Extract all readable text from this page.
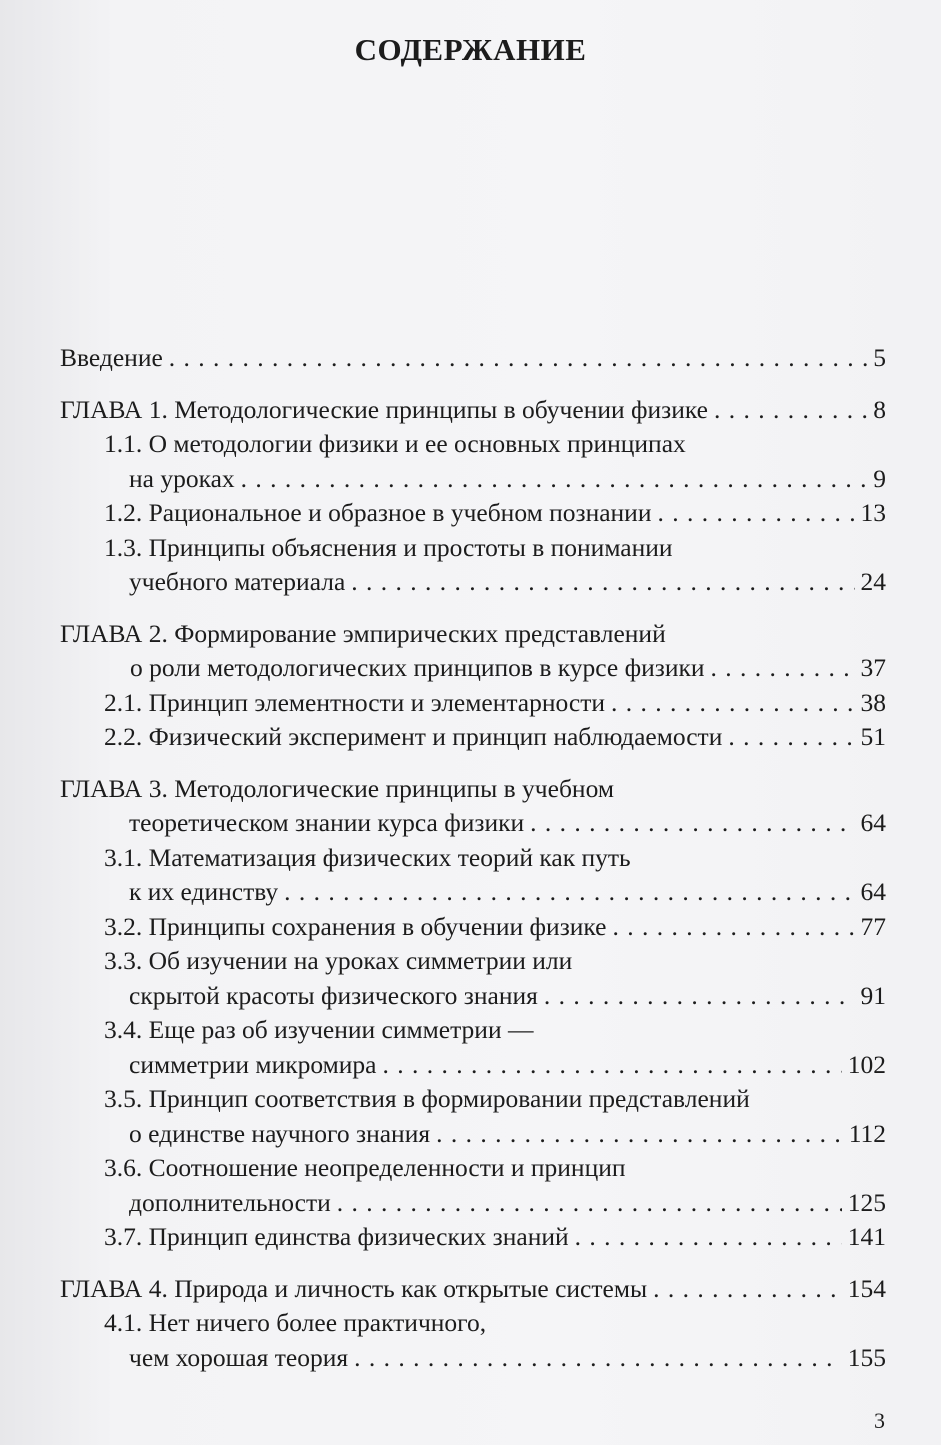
СОДЕРЖАНИЕ
Введение . . .	5
ГЛАВА 1. Методологические принципы в обучении физике . . .	8
1.1. О методологии физики и ее основных принципах
на уроках . . .	9
1.2. Рациональное и образное в учебном познании . . .	13
1.3. Принципы объяснения и простоты в понимании
учебного материала . . .	24
ГЛАВА 2. Формирование эмпирических представлений
о роли методологических принципов в курсе физики . . .	37
2.1. Принцип элементности и элементарности . . .	38
2.2. Физический эксперимент и принцип наблюдаемости . . .	51
ГЛАВА 3. Методологические принципы в учебном
теоретическом знании курса физики . . .	64
3.1. Математизация физических теорий как путь
к их единству . . .	64
3.2. Принципы сохранения в обучении физике . . .	77
3.3. Об изучении на уроках симметрии или
скрытой красоты физического знания . . .	91
3.4. Еще раз об изучении симметрии —
симметрии микромира . . .	102
3.5. Принцип соответствия в формировании представлений
о единстве научного знания . . .	112
3.6. Соотношение неопределенности и принцип
дополнительности . . .	125
3.7. Принцип единства физических знаний . . .	141
ГЛАВА 4. Природа и личность как открытые системы . . .	154
4.1. Нет ничего более практичного,
чем хорошая теория . . .	155
3
